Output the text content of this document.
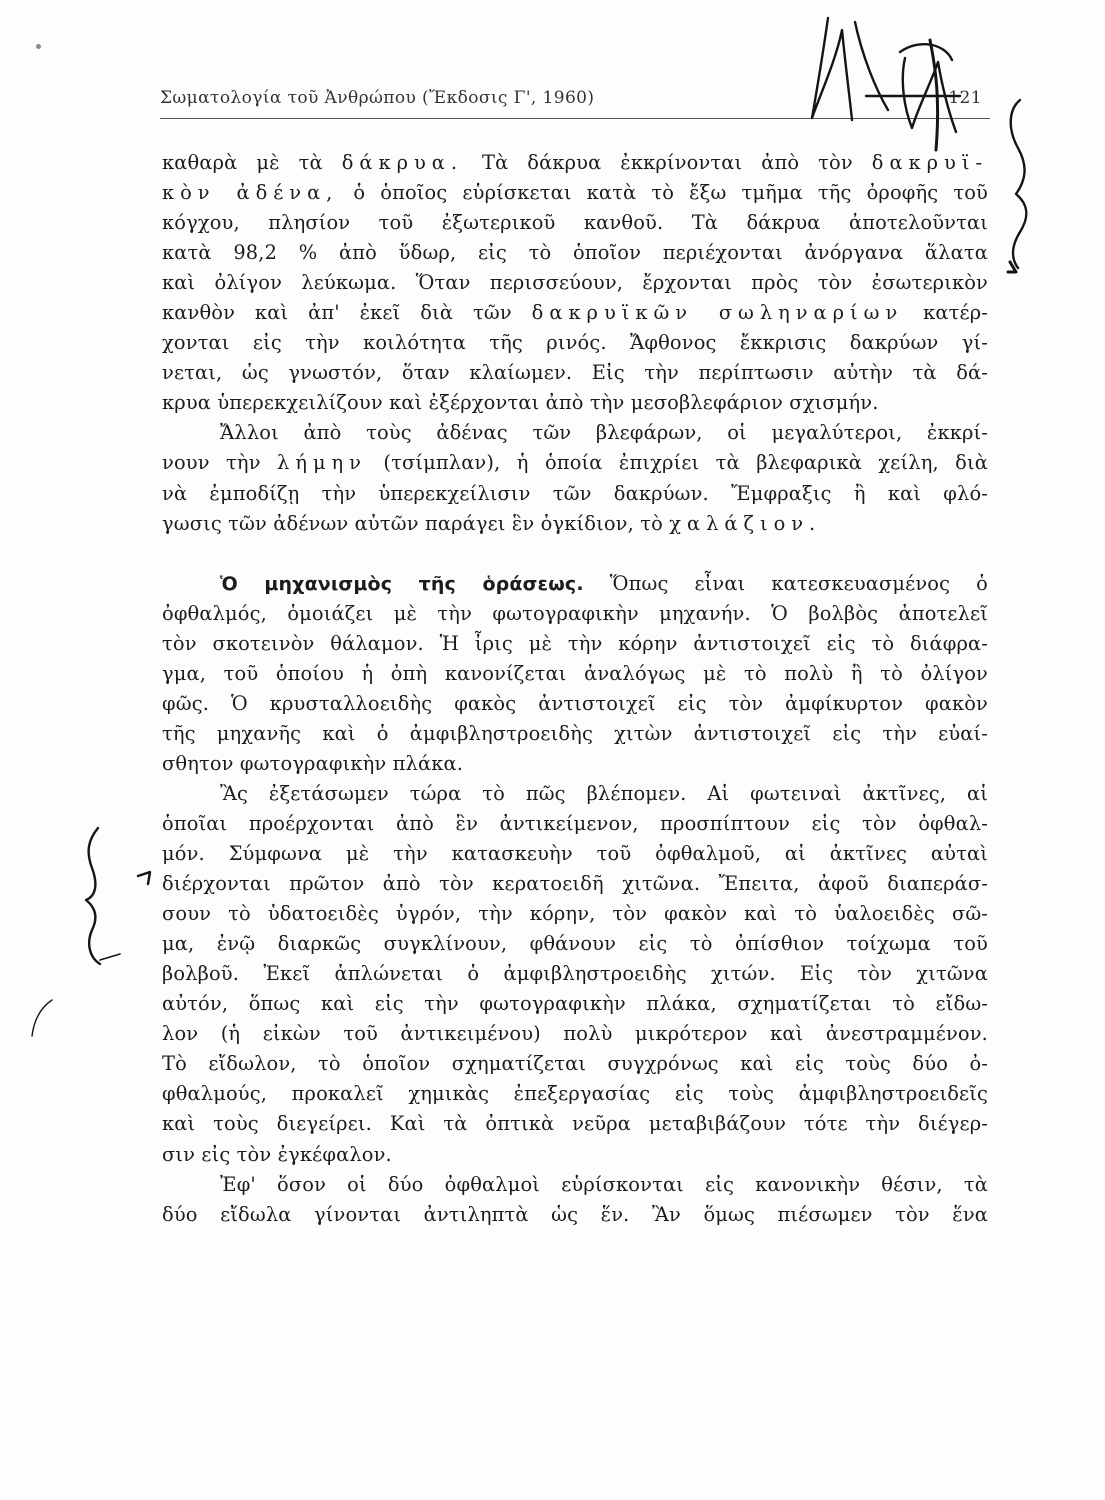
Σωματολογία τοῦ Ἀνθρώπου (Ἔκδοσις Γ', 1960)	121

καθαρὰ μὲ τὰ δάκρυα. Τὰ δάκρυα ἐκκρίνονται ἀπὸ τὸν δακρυϊ-

κὸν ἀδένα, ὁ ὁποῖος εὑρίσκεται κατὰ τὸ ἔξω τμῆμα τῆς ὀροφῆς τοῦ

κόγχου, πλησίον τοῦ ἐξωτερικοῦ κανθοῦ. Τὰ δάκρυα ἀποτελοῦνται

κατὰ 98,2 % ἀπὸ ὕδωρ, εἰς τὸ ὁποῖον περιέχονται ἀνόργανα ἅλατα

καὶ ὀλίγον λεύκωμα. Ὅταν περισσεύουν, ἔρχονται πρὸς τὸν ἐσωτερικὸν

κανθὸν καὶ ἀπ' ἐκεῖ διὰ τῶν δακρυϊκῶν σωληναρίων κατέρ-

χονται εἰς τὴν κοιλότητα τῆς ρινός. Ἄφθονος ἔκκρισις δακρύων γί-

νεται, ὡς γνωστόν, ὅταν κλαίωμεν. Εἰς τὴν περίπτωσιν αὐτὴν τὰ δά-

κρυα ὑπερεκχειλίζουν καὶ ἐξέρχονται ἀπὸ τὴν μεσοβλεφάριον σχισμήν.

Ἄλλοι ἀπὸ τοὺς ἀδένας τῶν βλεφάρων, οἱ μεγαλύτεροι, ἐκκρί-

νουν τὴν λήμην (τσίμπλαν), ἡ ὁποία ἐπιχρίει τὰ βλεφαρικὰ χείλη, διὰ

νὰ ἐμποδίζῃ τὴν ὑπερεκχείλισιν τῶν δακρύων. Ἔμφραξις ἢ καὶ φλό-

γωσις τῶν ἀδένων αὐτῶν παράγει ἓν ὀγκίδιον, τὸ χαλάζιον.

Ὁ μηχανισμὸς τῆς ὁράσεως. Ὅπως εἶναι κατεσκευασμένος ὁ

ὀφθαλμός, ὁμοιάζει μὲ τὴν φωτογραφικὴν μηχανήν. Ὁ βολβὸς ἀποτελεῖ

τὸν σκοτεινὸν θάλαμον. Ἡ ἶρις μὲ τὴν κόρην ἀντιστοιχεῖ εἰς τὸ διάφρα-

γμα, τοῦ ὁποίου ἡ ὀπὴ κανονίζεται ἀναλόγως μὲ τὸ πολὺ ἢ τὸ ὀλίγον

φῶς. Ὁ κρυσταλλοειδὴς φακὸς ἀντιστοιχεῖ εἰς τὸν ἀμφίκυρτον φακὸν

τῆς μηχανῆς καὶ ὁ ἀμφιβληστροειδὴς χιτὼν ἀντιστοιχεῖ εἰς τὴν εὐαί-

σθητον φωτογραφικὴν πλάκα.

Ἂς ἐξετάσωμεν τώρα τὸ πῶς βλέπομεν. Αἱ φωτειναὶ ἀκτῖνες, αἱ

ὁποῖαι προέρχονται ἀπὸ ἓν ἀντικείμενον, προσπίπτουν εἰς τὸν ὀφθαλ-

μόν. Σύμφωνα μὲ τὴν κατασκευὴν τοῦ ὀφθαλμοῦ, αἱ ἀκτῖνες αὐταὶ

διέρχονται πρῶτον ἀπὸ τὸν κερατοειδῆ χιτῶνα. Ἔπειτα, ἀφοῦ διαπεράσ-

σουν τὸ ὑδατοειδὲς ὑγρόν, τὴν κόρην, τὸν φακὸν καὶ τὸ ὑαλοειδὲς σῶ-

μα, ἐνῷ διαρκῶς συγκλίνουν, φθάνουν εἰς τὸ ὀπίσθιον τοίχωμα τοῦ

βολβοῦ. Ἐκεῖ ἁπλώνεται ὁ ἀμφιβληστροειδὴς χιτών. Εἰς τὸν χιτῶνα

αὐτόν, ὅπως καὶ εἰς τὴν φωτογραφικὴν πλάκα, σχηματίζεται τὸ εἴδω-

λον (ἡ εἰκὼν τοῦ ἀντικειμένου) πολὺ μικρότερον καὶ ἀνεστραμμένον.

Τὸ εἴδωλον, τὸ ὁποῖον σχηματίζεται συγχρόνως καὶ εἰς τοὺς δύο ὀ-

φθαλμούς, προκαλεῖ χημικὰς ἐπεξεργασίας εἰς τοὺς ἀμφιβληστροειδεῖς

καὶ τοὺς διεγείρει. Καὶ τὰ ὀπτικὰ νεῦρα μεταβιβάζουν τότε τὴν διέγερ-

σιν εἰς τὸν ἐγκέφαλον.

Ἐφ' ὅσον οἱ δύο ὀφθαλμοὶ εὑρίσκονται εἰς κανονικὴν θέσιν, τὰ

δύο εἴδωλα γίνονται ἀντιληπτὰ ὡς ἕν. Ἂν ὅμως πιέσωμεν τὸν ἕνα
